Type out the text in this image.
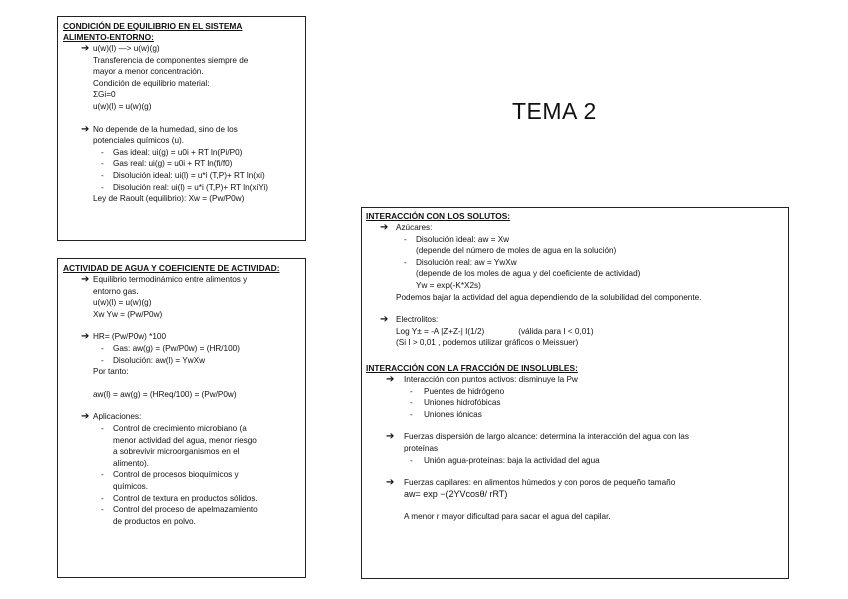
TEMA 2
CONDICIÓN DE EQUILIBRIO EN EL SISTEMA
ALIMENTO-ENTORNO:
➔ u(w)(l) —> u(w)(g)
Transferencia de componentes siempre de
mayor a menor concentración.
Condición de equilibrio material:
ΣGi=0
u(w)(l) = u(w)(g)
➔ No depende de la humedad, sino de los
potenciales químicos (u).
- Gas ideal: ui(g) = u0i + RT ln(Pi/P0)
- Gas real: ui(g) = u0i + RT ln(fi/f0)
- Disolución ideal: ui(l) = u*i (T,P)+ RT ln(xi)
- Disolución real: ui(l) = u*i (T,P)+ RT ln(xiYi)
Ley de Raoult (equilibrio): Xw = (Pw/P0w)
ACTIVIDAD DE AGUA Y COEFICIENTE DE ACTIVIDAD:
➔ Equilibrio termodinámico entre alimentos y
entorno gas.
u(w)(l) = u(w)(g)
Xw Yw = (Pw/P0w)
➔ HR= (Pw/P0w) *100
- Gas: aw(g) = (Pw/P0w) = (HR/100)
- Disolución: aw(l) = YwXw
Por tanto:
aw(l) = aw(g) = (HReq/100) = (Pw/P0w)
➔ Aplicaciones:
- Control de crecimiento microbiano (a
menor actividad del agua, menor riesgo
a sobrevivir microorganismos en el
alimento).
- Control de procesos bioquímicos y
químicos.
- Control de textura en productos sólidos.
- Control del proceso de apelmazamiento
de productos en polvo.
INTERACCIÓN CON LOS SOLUTOS:
➔ Azúcares:
- Disolución ideal: aw = Xw
(depende del número de moles de agua en la solución)
- Disolución real: aw = YwXw
(depende de los moles de agua y del coeficiente de actividad)
Yw = exp(-K*X2s)
Podemos bajar la actividad del agua dependiendo de la solubilidad del componente.
➔ Electrolitos:
Log Y± = -A |Z+Z-| I(1/2)	(válida para I < 0,01)
(Si I > 0,01 , podemos utilizar gráficos o Meissuer)
INTERACCIÓN CON LA FRACCIÓN DE INSOLUBLES:
➔ Interacción con puntos activos: disminuye la Pw
- Puentes de hidrógeno
- Uniones hidrofóbicas
- Uniones iónicas
➔ Fuerzas dispersión de largo alcance: determina la interacción del agua con las
proteínas
- Unión agua-proteínas: baja la actividad del agua
➔ Fuerzas capilares: en alimentos húmedos y con poros de pequeño tamaño
aw= exp −(2YVcosθ/ rRT)
A menor r mayor dificultad para sacar el agua del capilar.
